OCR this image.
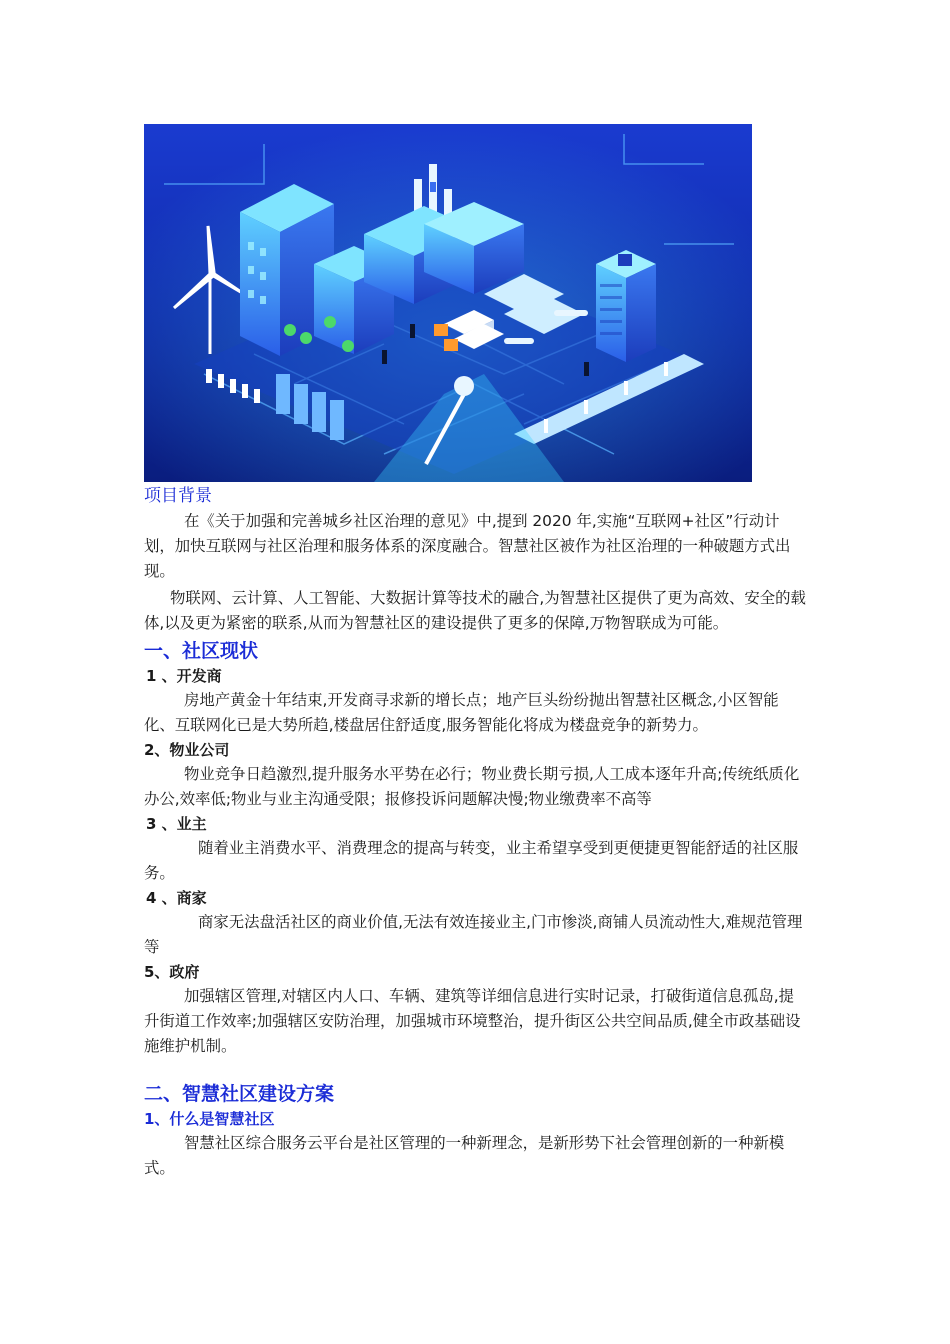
项目背景

在《关于加强和完善城乡社区治理的意见》中,提到 2020 年,实施“互联网+社区”行动计划，加快互联网与社区治理和服务体系的深度融合。智慧社区被作为社区治理的一种破题方式出现。

物联网、云计算、人工智能、大数据计算等技术的融合,为智慧社区提供了更为高效、安全的载体,以及更为紧密的联系,从而为智慧社区的建设提供了更多的保障,万物智联成为可能。

一、社区现状
1 、开发商

房地产黄金十年结束,开发商寻求新的增长点；地产巨头纷纷抛出智慧社区概念,小区智能化、互联网化已是大势所趋,楼盘居住舒适度,服务智能化将成为楼盘竞争的新势力。

2、物业公司

物业竞争日趋激烈,提升服务水平势在必行；物业费长期亏损,人工成本逐年升高;传统纸质化办公,效率低;物业与业主沟通受限；报修投诉问题解决慢;物业缴费率不高等

3 、业主

随着业主消费水平、消费理念的提高与转变，业主希望享受到更便捷更智能舒适的社区服 务。

4 、商家

商家无法盘活社区的商业价值,无法有效连接业主,门市惨淡,商铺人员流动性大,难规范管理等

5、政府

加强辖区管理,对辖区内人口、车辆、建筑等详细信息进行实时记录，打破街道信息孤岛,提升街道工作效率;加强辖区安防治理，加强城市环境整治，提升街区公共空间品质,健全市政基础设施维护机制。

二、智慧社区建设方案
1、什么是智慧社区

智慧社区综合服务云平台是社区管理的一种新理念，是新形势下社会管理创新的一种新模式。
